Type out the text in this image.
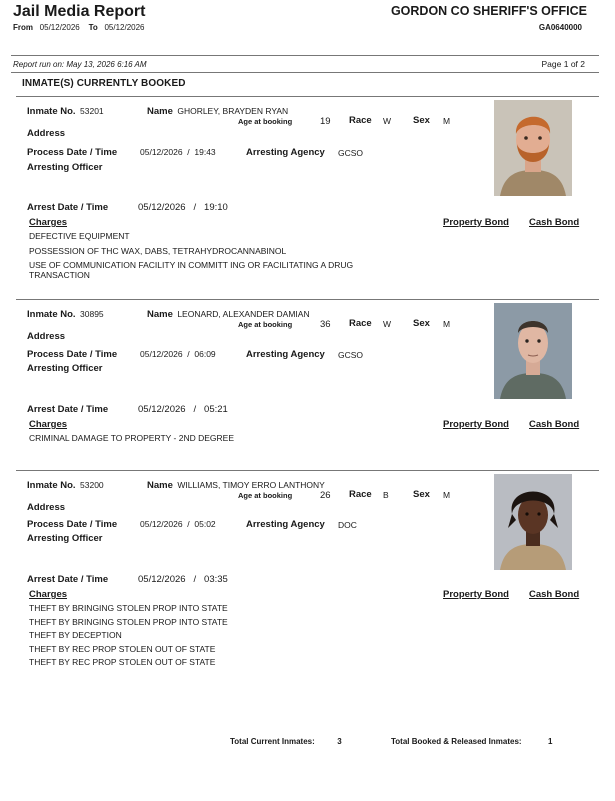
Jail Media Report
From 05/12/2026 To 05/12/2026
GORDON CO SHERIFF'S OFFICE
GA0640000
Report run on: May 13, 2026 6:16 AM	Page 1 of 2
INMATE(S) CURRENTLY BOOKED
Inmate No. 53201	Name GHORLEY, BRAYDEN RYAN
Age at booking	19 Race W Sex M
Address
Process Date / Time	05/12/2026 / 19:43	Arresting Agency GCSO
Arresting Officer
Arrest Date / Time	05/12/2026 / 19:10
Charges	Property Bond Cash Bond
DEFECTIVE EQUIPMENT
POSSESSION OF THC WAX, DABS, TETRAHYDROCANNABINOL
USE OF COMMUNICATION FACILITY IN COMMITT ING OR FACILITATING A DRUG TRANSACTION
Inmate No. 30895	Name LEONARD, ALEXANDER DAMIAN
Age at booking	36 Race W Sex M
Address
Process Date / Time	05/12/2026 / 06:09	Arresting Agency GCSO
Arresting Officer
Arrest Date / Time	05/12/2026 / 05:21
Charges	Property Bond Cash Bond
CRIMINAL DAMAGE TO PROPERTY - 2ND DEGREE
Inmate No. 53200	Name WILLIAMS, TIMOY ERRO LANTHONY
Age at booking	26 Race B	Sex M
Address
Process Date / Time	05/12/2026 / 05:02	Arresting Agency DOC
Arresting Officer
Arrest Date / Time	05/12/2026 / 03:35
Charges	Property Bond Cash Bond
THEFT BY BRINGING STOLEN PROP INTO STATE
THEFT BY BRINGING STOLEN PROP INTO STATE
THEFT BY DECEPTION
THEFT BY REC PROP STOLEN OUT OF STATE
THEFT BY REC PROP STOLEN OUT OF STATE
Total Current Inmates:	3	Total Booked & Released Inmates:	1
